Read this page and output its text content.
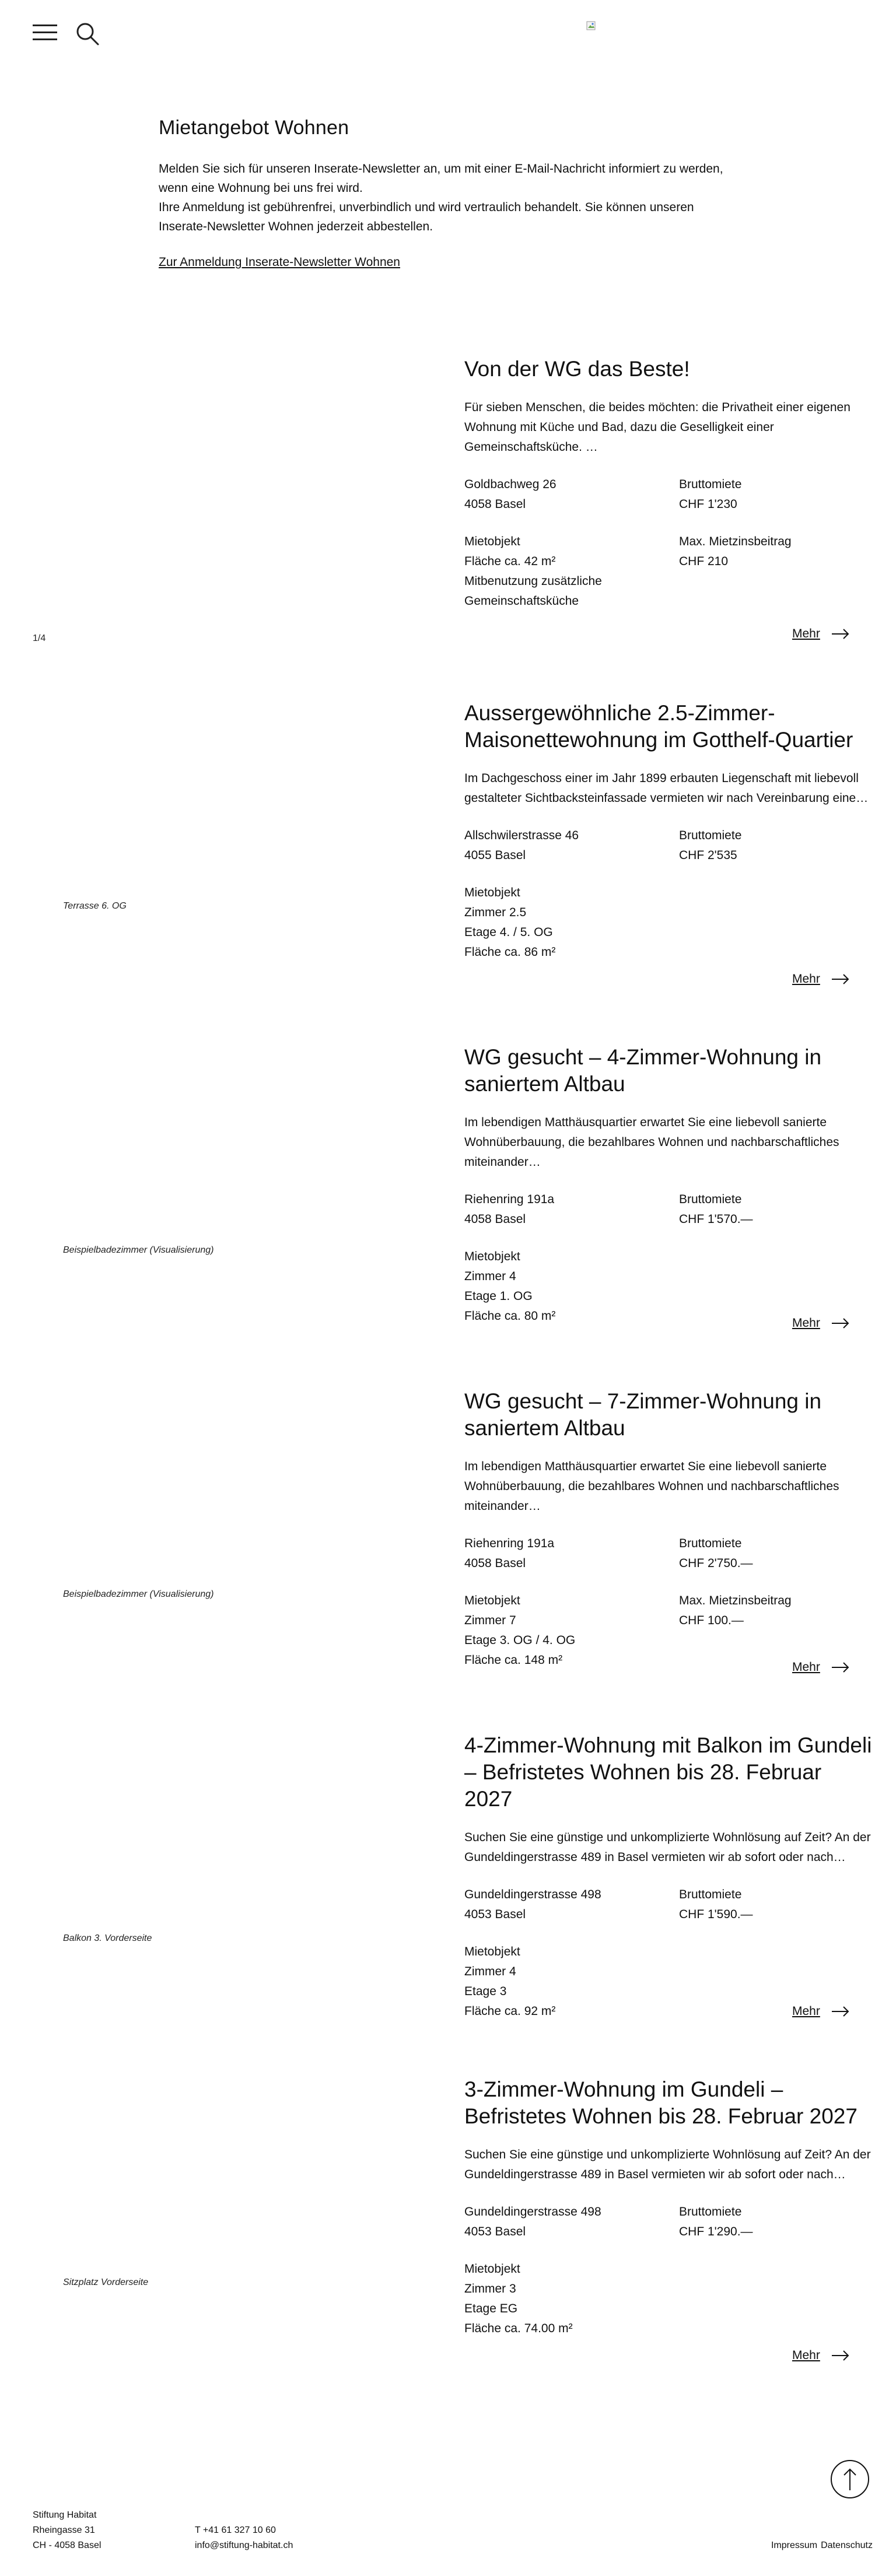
Mietangebot Wohnen

Melden Sie sich für unseren Inserate-Newsletter an, um mit einer E-Mail-Nachricht informiert zu werden, wenn eine Wohnung bei uns frei wird.

Ihre Anmeldung ist gebührenfrei, unverbindlich und wird vertraulich behandelt. Sie können unseren Inserate-Newsletter Wohnen jederzeit abbestellen.

Zur Anmeldung Inserate-Newsletter Wohnen
1/4
Von der WG das Beste!

Für sieben Menschen, die beides möchten: die Privatheit einer eigenen Wohnung mit Küche und Bad, dazu die Geselligkeit einer Gemeinschaftsküche. …

Goldbachweg 26
4058 Basel
Bruttomiete
CHF 1'230
Mietobjekt
Fläche ca. 42 m²
Mitbenutzung zusätzliche Gemeinschaftsküche
Max. Mietzinsbeitrag
CHF 210
Mehr
Terrasse 6. OG
Aussergewöhnliche 2.5-Zimmer-Maisonettewohnung im Gotthelf-Quartier

Im Dachgeschoss einer im Jahr 1899 erbauten Liegenschaft mit liebevoll gestalteter Sichtbacksteinfassade vermieten wir nach Vereinbarung eine…

Allschwilerstrasse 46
4055 Basel
Bruttomiete
CHF 2'535
Mietobjekt
Zimmer 2.5
Etage 4. / 5. OG
Fläche ca. 86 m²
Mehr
Beispielbadezimmer (Visualisierung)
WG gesucht – 4-Zimmer-Wohnung in saniertem Altbau

Im lebendigen Matthäusquartier erwartet Sie eine liebevoll sanierte Wohnüberbauung, die bezahlbares Wohnen und nachbarschaftliches miteinander…

Riehenring 191a
4058 Basel
Bruttomiete
CHF 1'570.—
Mietobjekt
Zimmer 4
Etage 1. OG
Fläche ca. 80 m²
Mehr
Beispielbadezimmer (Visualisierung)
WG gesucht – 7-Zimmer-Wohnung in saniertem Altbau

Im lebendigen Matthäusquartier erwartet Sie eine liebevoll sanierte Wohnüberbauung, die bezahlbares Wohnen und nachbarschaftliches miteinander…

Riehenring 191a
4058 Basel
Bruttomiete
CHF 2'750.—
Mietobjekt
Zimmer 7
Etage 3. OG / 4. OG
Fläche ca. 148 m²
Max. Mietzinsbeitrag
CHF 100.—
Mehr
Balkon 3. Vorderseite
4-Zimmer-Wohnung mit Balkon im Gundeli – Befristetes Wohnen bis 28. Februar 2027

Suchen Sie eine günstige und unkomplizierte Wohnlösung auf Zeit? An der Gundeldingerstrasse 489 in Basel vermieten wir ab sofort oder nach…

Gundeldingerstrasse 498
4053 Basel
Bruttomiete
CHF 1'590.—
Mietobjekt
Zimmer 4
Etage 3
Fläche ca. 92 m²	Mehr
Sitzplatz Vorderseite
3-Zimmer-Wohnung im Gundeli – Befristetes Wohnen bis 28. Februar 2027

Suchen Sie eine günstige und unkomplizierte Wohnlösung auf Zeit? An der Gundeldingerstrasse 489 in Basel vermieten wir ab sofort oder nach…

Gundeldingerstrasse 498
4053 Basel
Bruttomiete
CHF 1'290.—
Mietobjekt
Zimmer 3
Etage EG
Fläche ca. 74.00 m²
Mehr
Stiftung Habitat
Rheingasse 31
CH - 4058 Basel
T +41 61 327 10 60
info@stiftung-habitat.ch	Impressum Datenschutz
